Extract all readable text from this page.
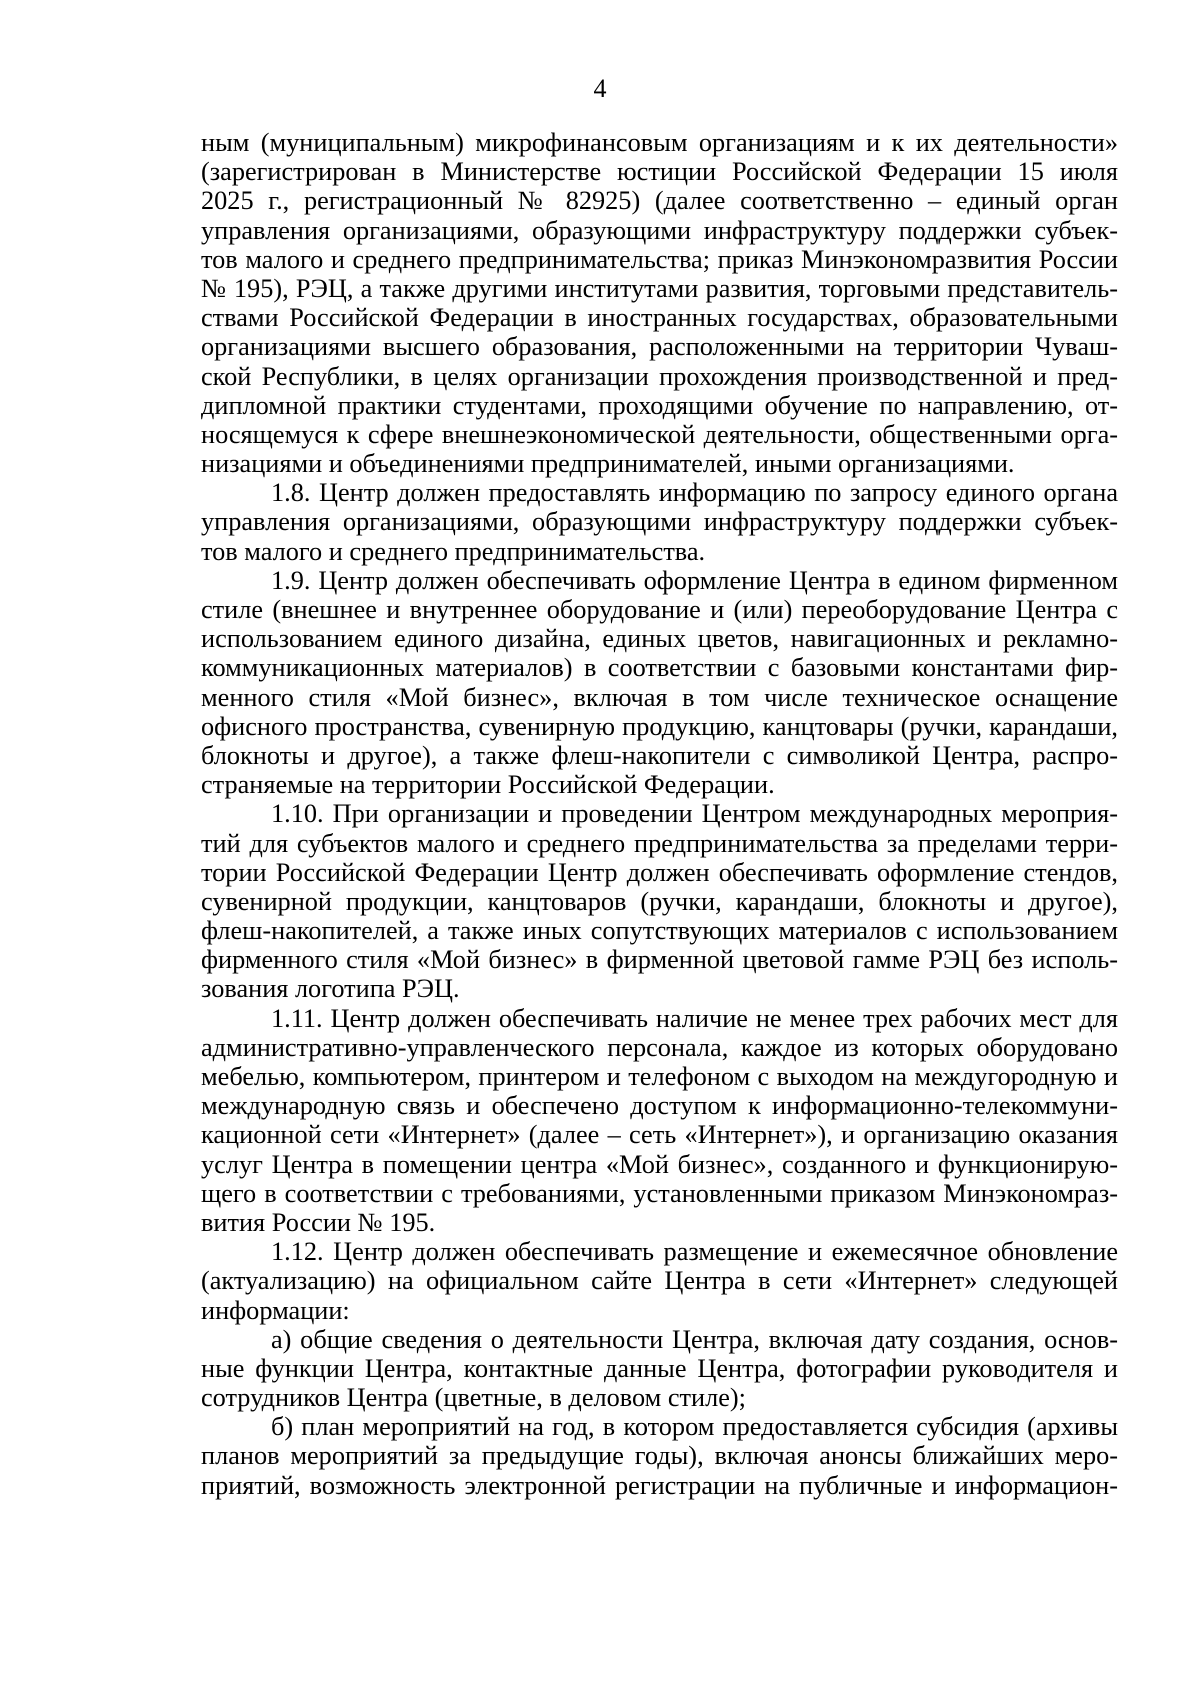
4
ным (муниципальным) микрофинансовым организациям и к их деятельности»
(зарегистрирован в Министерстве юстиции Российской Федерации 15 июля
2025 г., регистрационный № 82925) (далее соответственно – единый орган
управления организациями, образующими инфраструктуру поддержки субъек-
тов малого и среднего предпринимательства; приказ Минэкономразвития России
№ 195), РЭЦ, а также другими институтами развития, торговыми представитель-
ствами Российской Федерации в иностранных государствах, образовательными
организациями высшего образования, расположенными на территории Чуваш-
ской Республики, в целях организации прохождения производственной и пред-
дипломной практики студентами, проходящими обучение по направлению, от-
носящемуся к сфере внешнеэкономической деятельности, общественными орга-
низациями и объединениями предпринимателей, иными организациями.
1.8. Центр должен предоставлять информацию по запросу единого органа
управления организациями, образующими инфраструктуру поддержки субъек-
тов малого и среднего предпринимательства.
1.9. Центр должен обеспечивать оформление Центра в едином фирменном
стиле (внешнее и внутреннее оборудование и (или) переоборудование Центра с
использованием единого дизайна, единых цветов, навигационных и рекламно-
коммуникационных материалов) в соответствии с базовыми константами фир-
менного стиля «Мой бизнес», включая в том числе техническое оснащение
офисного пространства, сувенирную продукцию, канцтовары (ручки, карандаши,
блокноты и другое), а также флеш-накопители с символикой Центра, распро-
страняемые на территории Российской Федерации.
1.10. При организации и проведении Центром международных мероприя-
тий для субъектов малого и среднего предпринимательства за пределами терри-
тории Российской Федерации Центр должен обеспечивать оформление стендов,
сувенирной продукции, канцтоваров (ручки, карандаши, блокноты и другое),
флеш-накопителей, а также иных сопутствующих материалов с использованием
фирменного стиля «Мой бизнес» в фирменной цветовой гамме РЭЦ без исполь-
зования логотипа РЭЦ.
1.11. Центр должен обеспечивать наличие не менее трех рабочих мест для
административно-управленческого персонала, каждое из которых оборудовано
мебелью, компьютером, принтером и телефоном с выходом на междугородную и
международную связь и обеспечено доступом к информационно-телекоммуни-
кационной сети «Интернет» (далее – сеть «Интернет»), и организацию оказания
услуг Центра в помещении центра «Мой бизнес», созданного и функционирую-
щего в соответствии с требованиями, установленными приказом Минэкономраз-
вития России № 195.
1.12. Центр должен обеспечивать размещение и ежемесячное обновление
(актуализацию) на официальном сайте Центра в сети «Интернет» следующей
информации:
а) общие сведения о деятельности Центра, включая дату создания, основ-
ные функции Центра, контактные данные Центра, фотографии руководителя и
сотрудников Центра (цветные, в деловом стиле);
б) план мероприятий на год, в котором предоставляется субсидия (архивы
планов мероприятий за предыдущие годы), включая анонсы ближайших меро-
приятий, возможность электронной регистрации на публичные и информацион-
